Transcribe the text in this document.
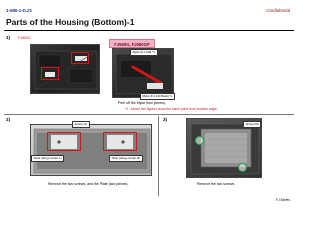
1-MB-1-D.21	Confidential
Parts of the Housing (Bottom)-1
1) FJ800G
FJ580G, FJ580GP
Mylar (FJ-148) *1
Mylar (FJ-140 Back) *1
Peel off the Mylar (two pieces).
*1 : Above two figures show the same parts from another angle.
2)
Screw (4)
Plate (Hinge Under-L)	Plate (Hinge Under-R)
Remove the two screws, and the Plate (two pieces).
3)
Screw (M)
Remove the two screws.
FJ Series
